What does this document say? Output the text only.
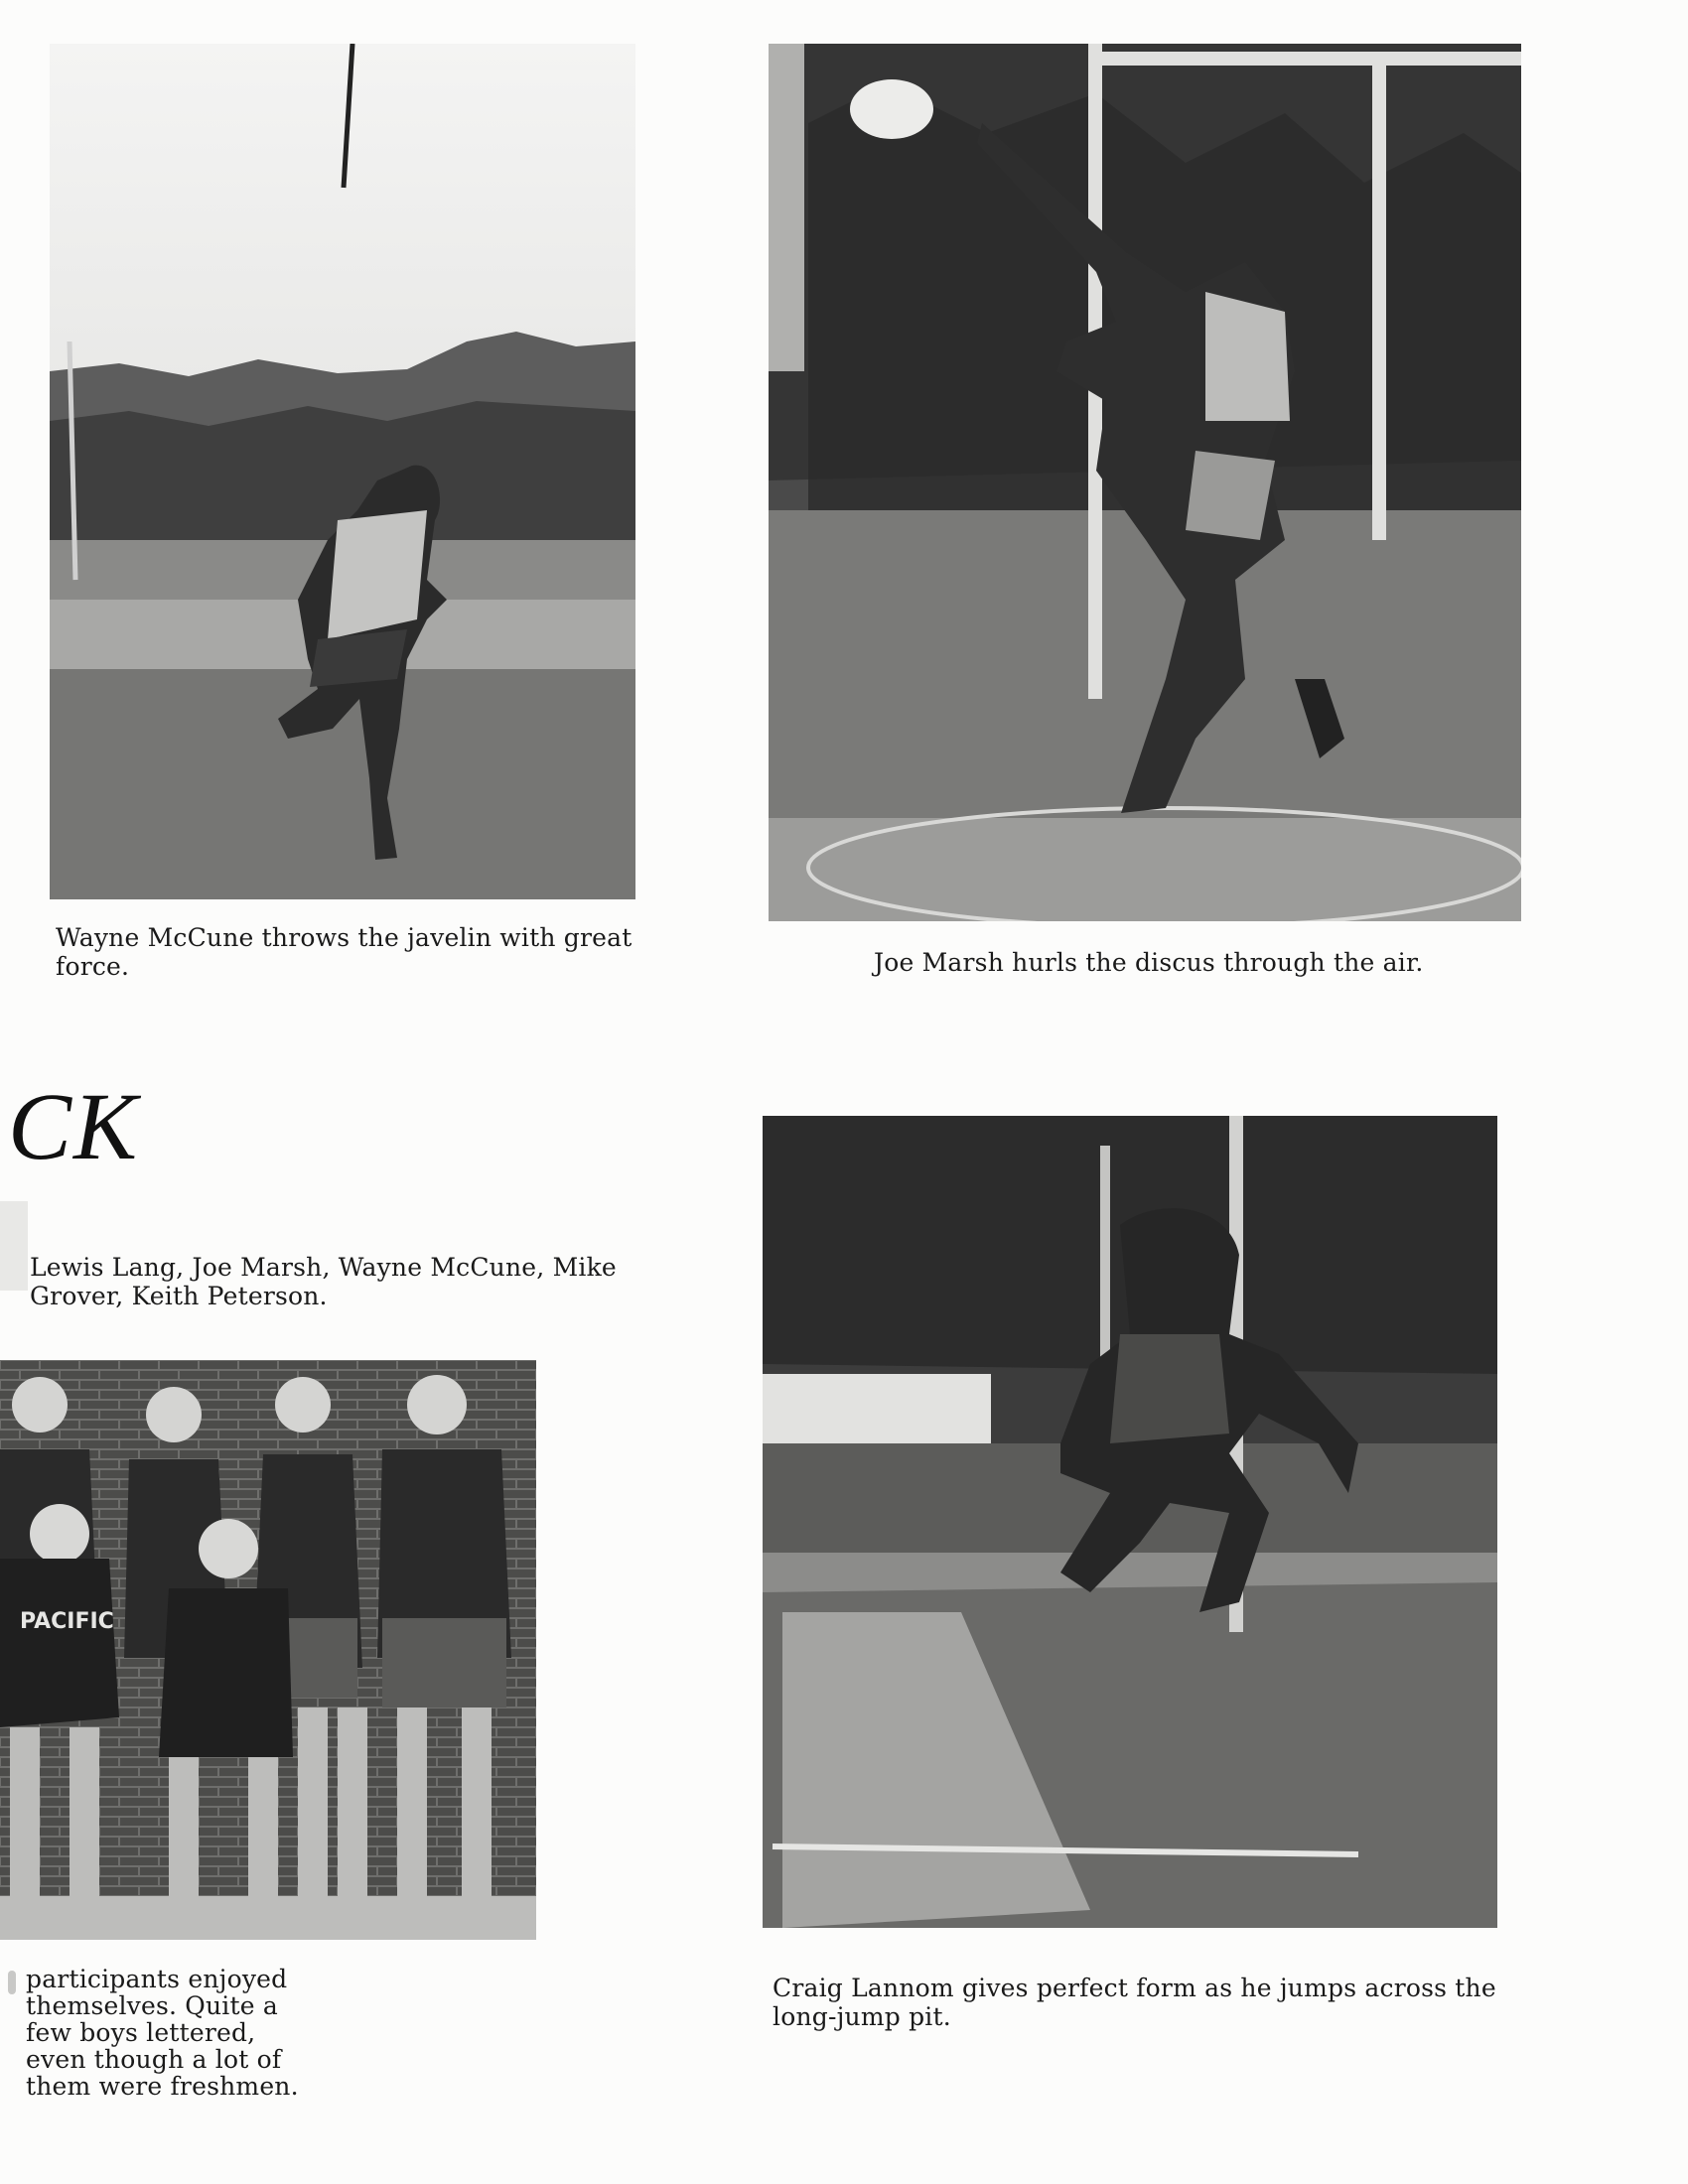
Wayne McCune throws the javelin with great
force.	Joe Marsh hurls the discus through the air.

CK

Lewis Lang, Joe Marsh, Wayne McCune, Mike
Grover, Keith Peterson.

PACIFIC

participants enjoyed
themselves. Quite a
few boys lettered,
even though a lot of
them were freshmen.

Craig Lannom gives perfect form as he jumps across the
long-jump pit.
